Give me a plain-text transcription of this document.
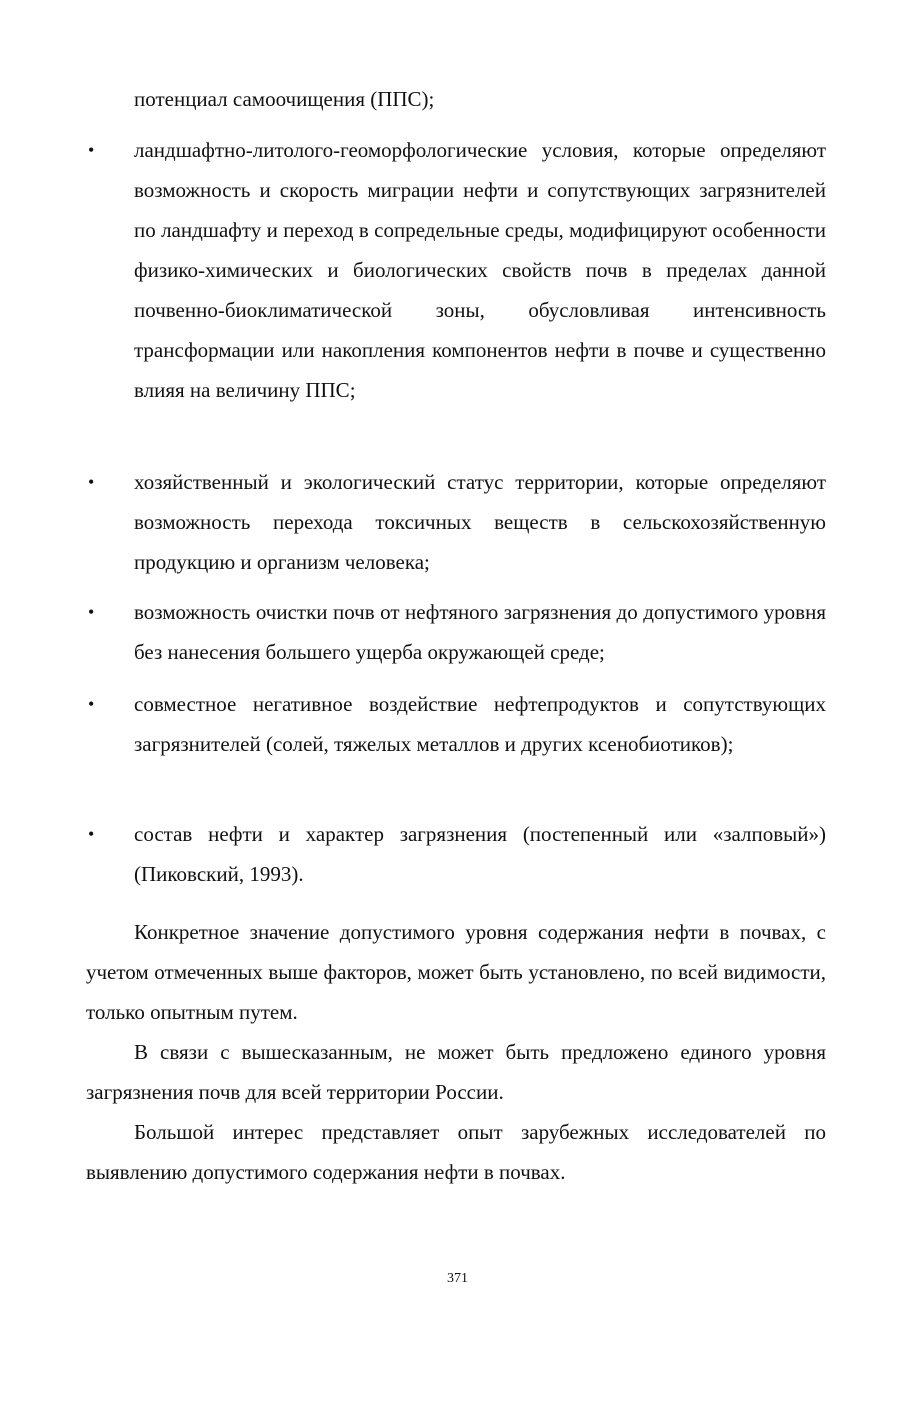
потенциал самоочищения (ППС);
• ландшафтно-литолого-геоморфологические условия, которые определяют возможность и скорость миграции нефти и сопутствующих загрязнителей по ландшафту и переход в сопредельные среды, модифицируют особенности физико-химических и биологических свойств почв в пределах данной почвенно-биоклиматической зоны, обусловливая интенсивность трансформации или накопления компонентов нефти в почве и существенно влияя на величину ППС;
• хозяйственный и экологический статус территории, которые определяют возможность перехода токсичных веществ в сельскохозяйственную продукцию и организм человека;
• возможность очистки почв от нефтяного загрязнения до допустимого уровня без нанесения большего ущерба окружающей среде;
• совместное негативное воздействие нефтепродуктов и сопутствующих загрязнителей (солей, тяжелых металлов и других ксенобиотиков);
• состав нефти и характер загрязнения (постепенный или «залповый») (Пиковский, 1993).
Конкретное значение допустимого уровня содержания нефти в почвах, с учетом отмеченных выше факторов, может быть установлено, по всей видимости, только опытным путем.
В связи с вышесказанным, не может быть предложено единого уровня загрязнения почв для всей территории России.
Большой интерес представляет опыт зарубежных исследователей по выявлению допустимого содержания нефти в почвах.
371
